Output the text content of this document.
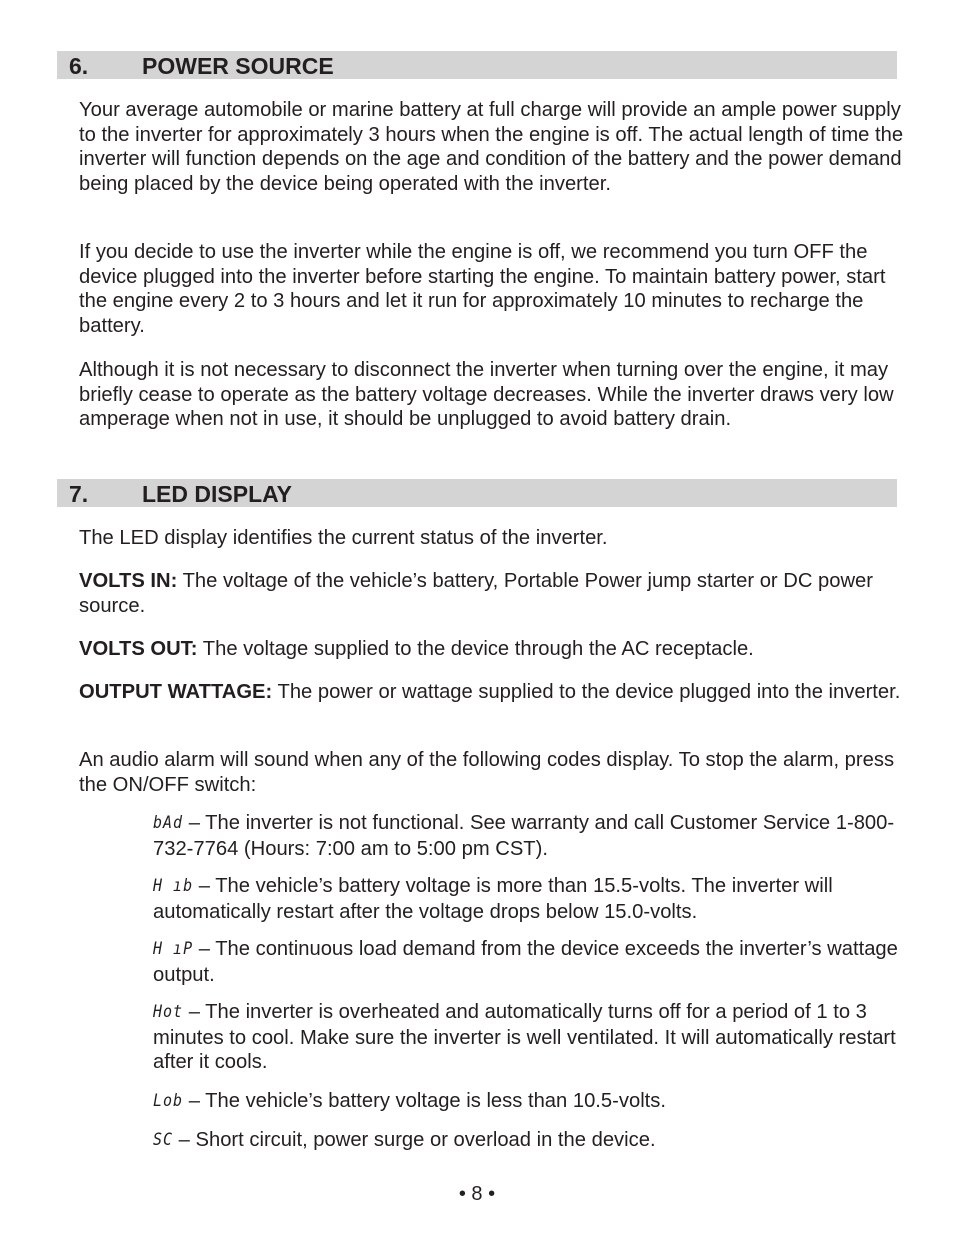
6. POWER SOURCE

Your average automobile or marine battery at full charge will provide an ample power supply to the inverter for approximately 3 hours when the engine is off. The actual length of time the inverter will function depends on the age and condition of the battery and the power demand being placed by the device being operated with the inverter.

If you decide to use the inverter while the engine is off, we recommend you turn OFF the device plugged into the inverter before starting the engine. To maintain battery power, start the engine every 2 to 3 hours and let it run for approximately 10 minutes to recharge the battery.

Although it is not necessary to disconnect the inverter when turning over the engine, it may briefly cease to operate as the battery voltage decreases. While the inverter draws very low amperage when not in use, it should be unplugged to avoid battery drain.

7. LED DISPLAY

The LED display identifies the current status of the inverter.

VOLTS IN: The voltage of the vehicle’s battery, Portable Power jump starter or DC power source.

VOLTS OUT: The voltage supplied to the device through the AC receptacle.

OUTPUT WATTAGE: The power or wattage supplied to the device plugged into the inverter.

An audio alarm will sound when any of the following codes display. To stop the alarm, press the ON/OFF switch:

bAd – The inverter is not functional. See warranty and call Customer Service 1-800-732-7764 (Hours: 7:00 am to 5:00 pm CST).

H ıb – The vehicle’s battery voltage is more than 15.5-volts. The inverter will automatically restart after the voltage drops below 15.0-volts.

H ıP – The continuous load demand from the device exceeds the inverter’s wattage output.

Hot – The inverter is overheated and automatically turns off for a period of 1 to 3 minutes to cool. Make sure the inverter is well ventilated. It will automatically restart after it cools.

Lob – The vehicle’s battery voltage is less than 10.5-volts.

SC – Short circuit, power surge or overload in the device.

• 8 •
